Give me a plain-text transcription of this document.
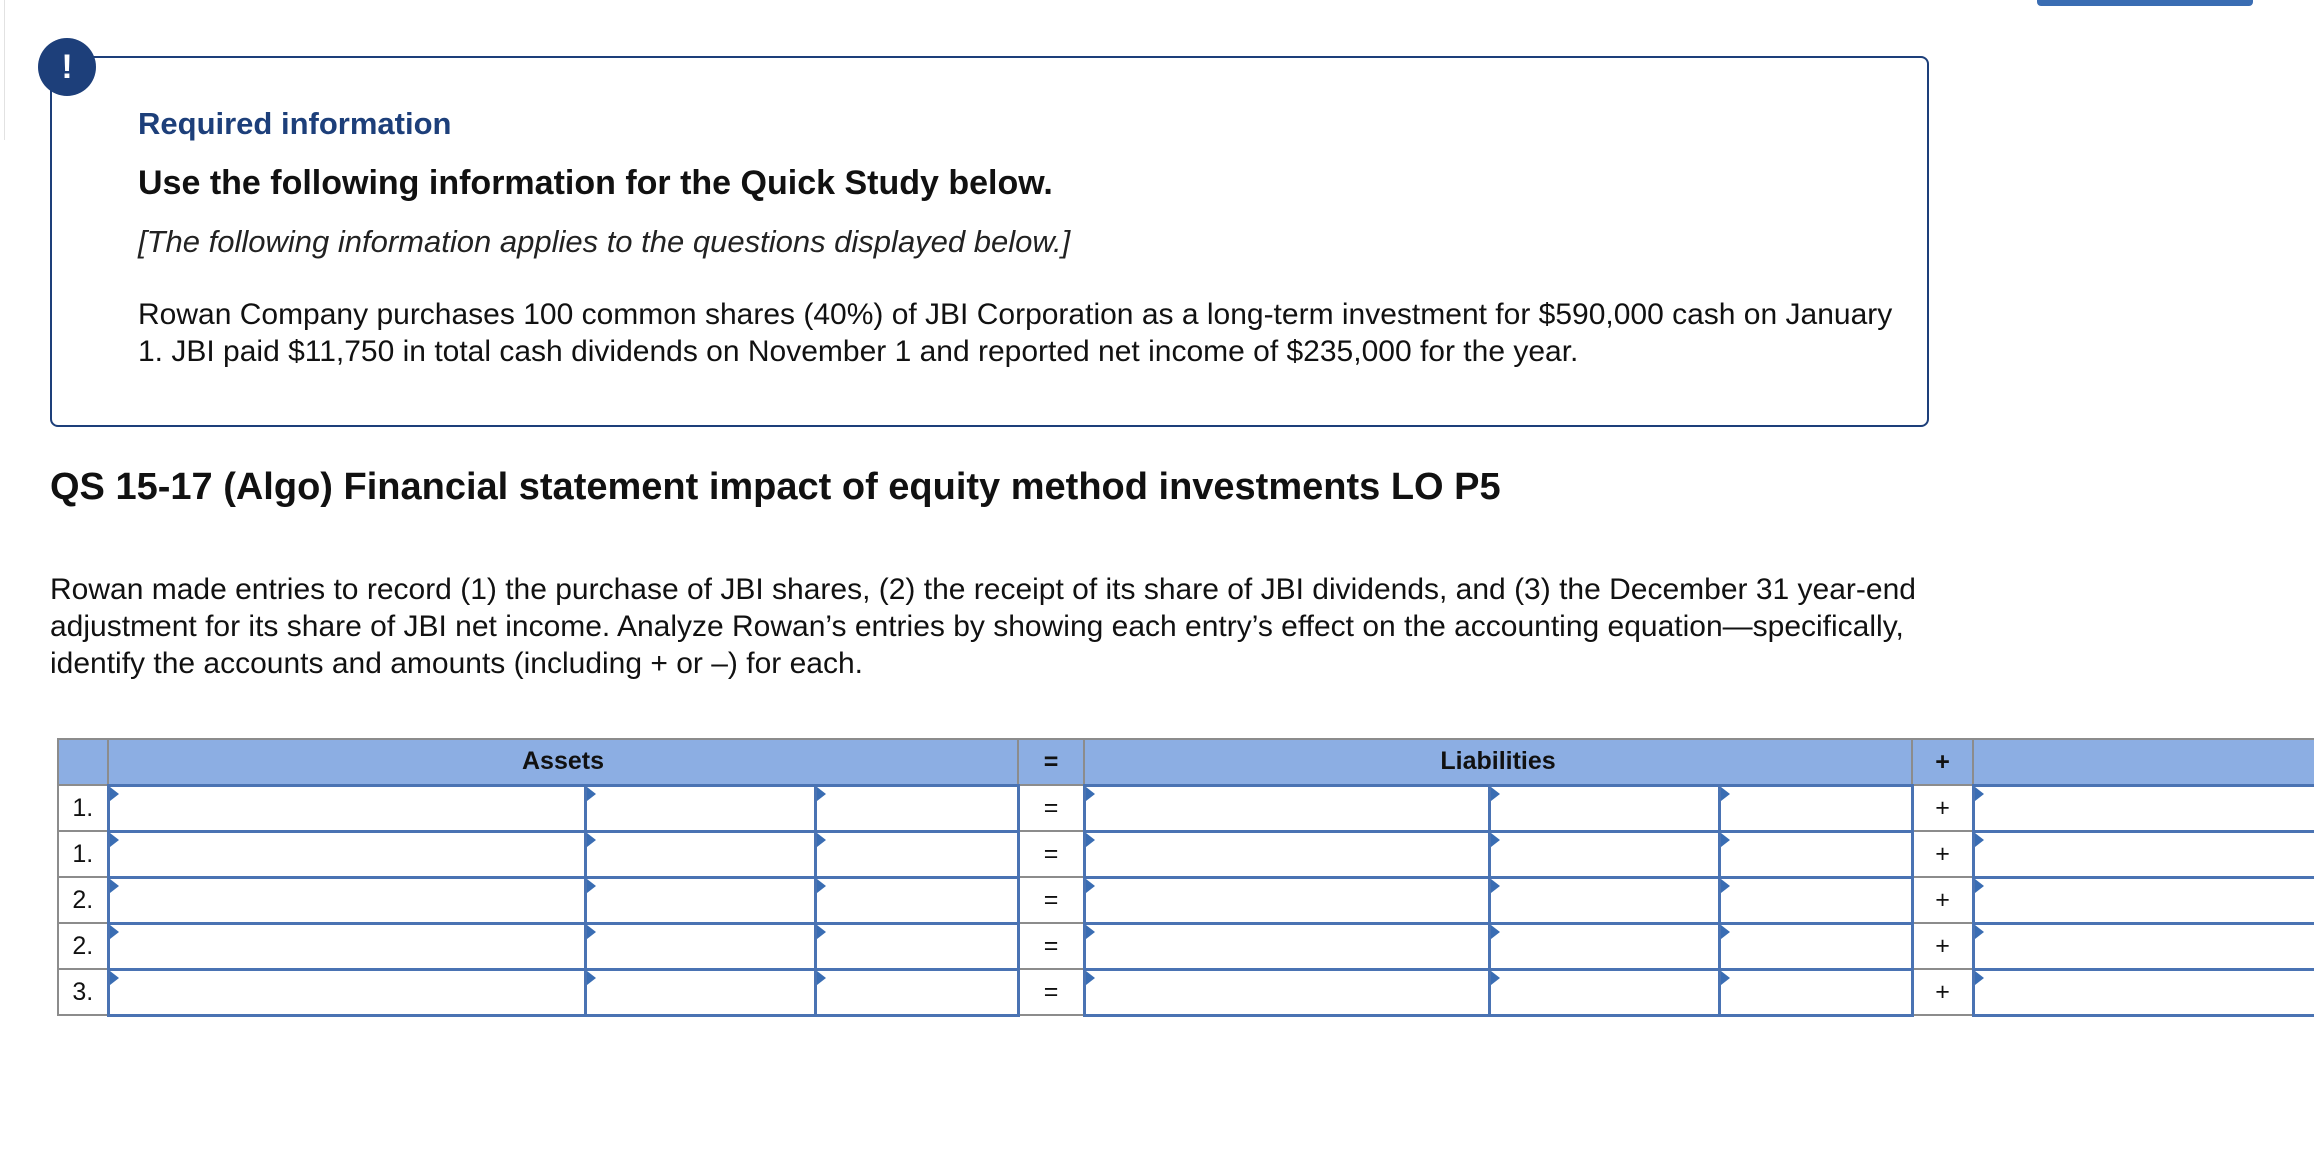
!
Required information
Use the following information for the Quick Study below.

[The following information applies to the questions displayed below.]

Rowan Company purchases 100 common shares (40%) of JBI Corporation as a long-term investment for $590,000 cash on January 1. JBI paid $11,750 in total cash dividends on November 1 and reported net income of $235,000 for the year.

QS 15-17 (Algo) Financial statement impact of equity method investments LO P5

Rowan made entries to record (1) the purchase of JBI shares, (2) the receipt of its share of JBI dividends, and (3) the December 31 year-end adjustment for its share of JBI net income. Analyze Rowan’s entries by showing each entry’s effect on the accounting equation—specifically, identify the accounts and amounts (including + or –) for each.

	Assets			=	Liabilities			+	
1.				=				+	
1.				=				+	
2.				=				+	
2.				=				+	
3.				=				+	
